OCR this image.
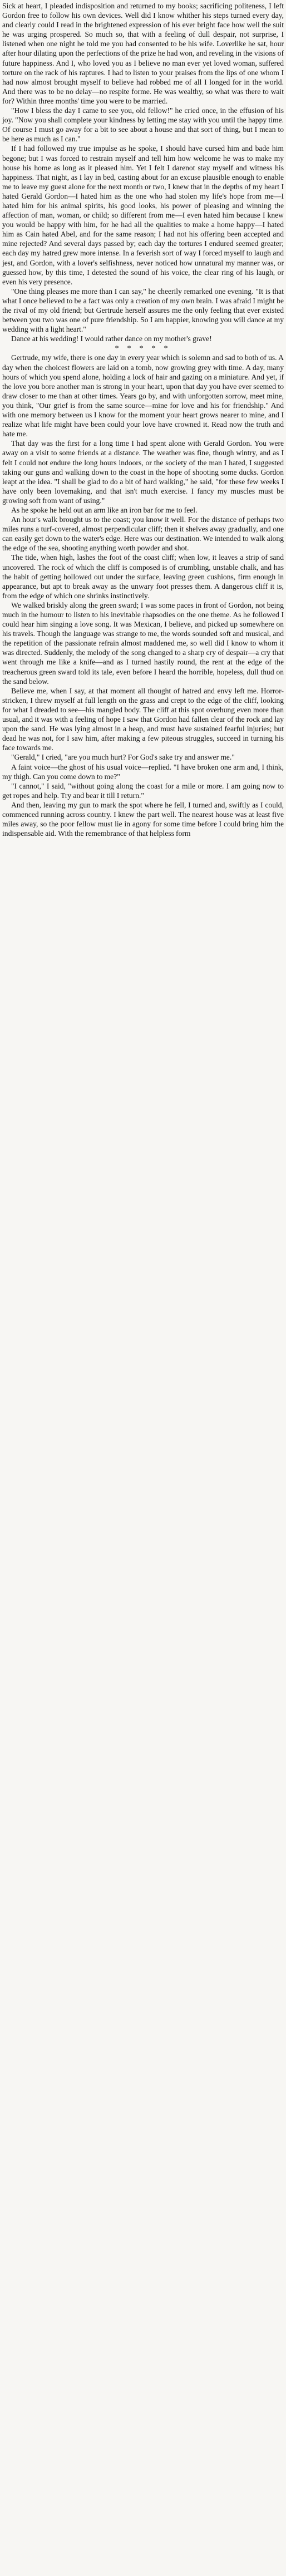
Sick at heart, I pleaded indisposition and returned to my books; sacrificing politeness, I left Gordon free to follow his own devices. Well did I know whither his steps turned every day, and clearly could I read in the brightened expression of his ever bright face how well the suit he was urging prospered. So much so, that with a feeling of dull despair, not surprise, I listened when one night he told me you had consented to be his wife. Loverlike he sat, hour after hour dilating upon the perfections of the prize he had won, and reveling in the visions of future happiness. And I, who loved you as I believe no man ever yet loved woman, suffered torture on the rack of his raptures. I had to listen to your praises from the lips of one whom I had now almost brought myself to believe had robbed me of all I longed for in the world. And there was to be no delay—no respite forme. He was wealthy, so what was there to wait for? Within three months' time you were to be married.

"How I bless the day I came to see you, old fellow!" he cried once, in the effusion of his joy. "Now you shall complete your kindness by letting me stay with you until the happy time. Of course I must go away for a bit to see about a house and that sort of thing, but I mean to be here as much as I can."

If I had followed my true impulse as he spoke, I should have cursed him and bade him begone; but I was forced to restrain myself and tell him how welcome he was to make my house his home as long as it pleased him. Yet I felt I darenot stay myself and witness his happiness. That night, as I lay in bed, casting about for an excuse plausible enough to enable me to leave my guest alone for the next month or two, I knew that in the depths of my heart I hated Gerald Gordon—I hated him as the one who had stolen my life's hope from me—I hated him for his animal spirits, his good looks, his power of pleasing and winning the affection of man, woman, or child; so different from me—I even hated him because I knew you would be happy with him, for he had all the qualities to make a home happy—I hated him as Cain hated Abel, and for the same reason; I had not his offering been accepted and mine rejected? And several days passed by; each day the tortures I endured seemed greater; each day my hatred grew more intense. In a feverish sort of way I forced myself to laugh and jest, and Gordon, with a lover's selfishness, never noticed how unnatural my manner was, or guessed how, by this time, I detested the sound of his voice, the clear ring of his laugh, or even his very presence.

"One thing pleases me more than I can say," he cheerily remarked one evening. "It is that what I once believed to be a fact was only a creation of my own brain. I was afraid I might be the rival of my old friend; but Gertrude herself assures me the only feeling that ever existed between you two was one of pure friendship. So I am happier, knowing you will dance at my wedding with a light heart."

Dance at his wedding! I would rather dance on my mother's grave!

* * * * *

Gertrude, my wife, there is one day in every year which is solemn and sad to both of us. A day when the choicest flowers are laid on a tomb, now growing grey with time. A day, many hours of which you spend alone, holding a lock of hair and gazing on a miniature. And yet, if the love you bore another man is strong in your heart, upon that day you have ever seemed to draw closer to me than at other times. Years go by, and with unforgotten sorrow, meet mine, you think, "Our grief is from the same source—mine for love and his for friendship." And with one memory between us I know for the moment your heart grows nearer to mine, and I realize what life might have been could your love have crowned it. Read now the truth and hate me.

That day was the first for a long time I had spent alone with Gerald Gordon. You were away on a visit to some friends at a distance. The weather was fine, though wintry, and as I felt I could not endure the long hours indoors, or the society of the man I hated, I suggested taking our guns and walking down to the coast in the hope of shooting some ducks. Gordon leapt at the idea. "I shall be glad to do a bit of hard walking," he said, "for these few weeks I have only been lovemaking, and that isn't much exercise. I fancy my muscles must be growing soft from want of using."

As he spoke he held out an arm like an iron bar for me to feel.

An hour's walk brought us to the coast; you know it well. For the distance of perhaps two miles runs a turf-covered, almost perpendicular cliff; then it shelves away gradually, and one can easily get down to the water's edge. Here was our destination. We intended to walk along the edge of the sea, shooting anything worth powder and shot.

The tide, when high, lashes the foot of the coast cliff; when low, it leaves a strip of sand uncovered. The rock of which the cliff is composed is of crumbling, unstable chalk, and has the habit of getting hollowed out under the surface, leaving green cushions, firm enough in appearance, but apt to break away as the unwary foot presses them. A dangerous cliff it is, from the edge of which one shrinks instinctively.

We walked briskly along the green sward; I was some paces in front of Gordon, not being much in the humour to listen to his inevitable rhapsodies on the one theme. As he followed I could hear him singing a love song. It was Mexican, I believe, and picked up somewhere on his travels. Though the language was strange to me, the words sounded soft and musical, and the repetition of the passionate refrain almost maddened me, so well did I know to whom it was directed. Suddenly, the melody of the song changed to a sharp cry of despair—a cry that went through me like a knife—and as I turned hastily round, the rent at the edge of the treacherous green sward told its tale, even before I heard the horrible, hopeless, dull thud on the sand below.

Believe me, when I say, at that moment all thought of hatred and envy left me. Horror-stricken, I threw myself at full length on the grass and crept to the edge of the cliff, looking for what I dreaded to see—his mangled body. The cliff at this spot overhung even more than usual, and it was with a feeling of hope I saw that Gordon had fallen clear of the rock and lay upon the sand. He was lying almost in a heap, and must have sustained fearful injuries; but dead he was not, for I saw him, after making a few piteous struggles, succeed in turning his face towards me.

"Gerald," I cried, "are you much hurt? For God's sake try and answer me."

A faint voice—the ghost of his usual voice—replied. "I have broken one arm and, I think, my thigh. Can you come down to me?"

"I cannot," I said, "without going along the coast for a mile or more. I am going now to get ropes and help. Try and bear it till I return."

And then, leaving my gun to mark the spot where he fell, I turned and, swiftly as I could, commenced running across country. I knew the part well. The nearest house was at least five miles away, so the poor fellow must lie in agony for some time before I could bring him the indispensable aid. With the remembrance of that helpless form
